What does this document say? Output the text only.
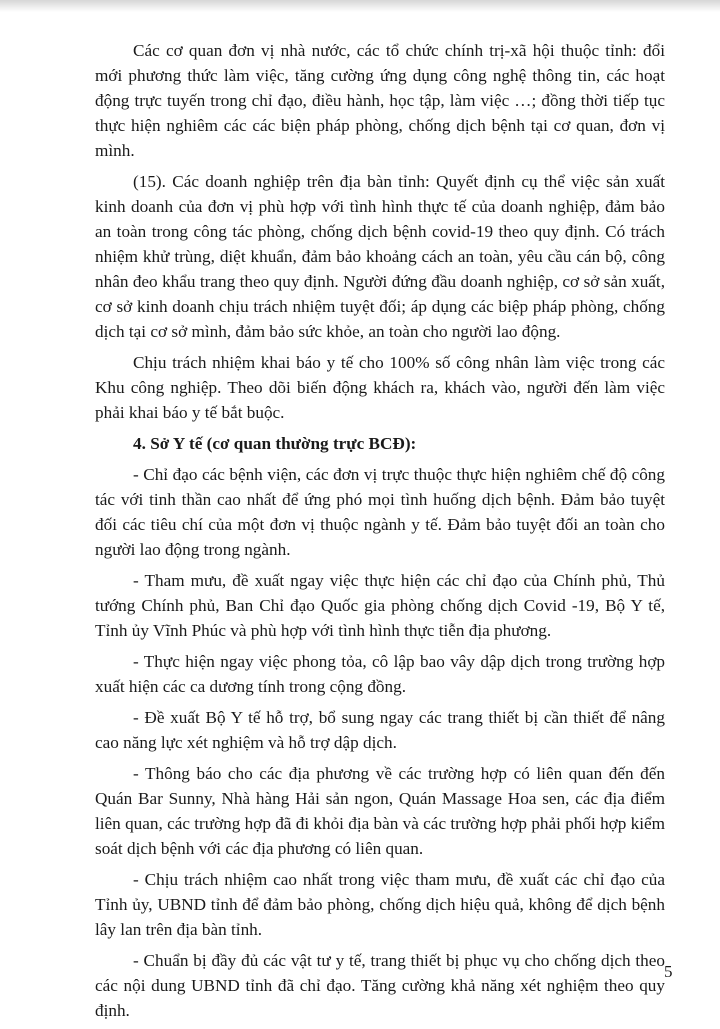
Các cơ quan đơn vị nhà nước, các tổ chức chính trị-xã hội thuộc tỉnh: đổi mới phương thức làm việc, tăng cường ứng dụng công nghệ thông tin, các hoạt động trực tuyến trong chỉ đạo, điều hành, học tập, làm việc …; đồng thời tiếp tục thực hiện nghiêm các các biện pháp phòng, chống dịch bệnh tại cơ quan, đơn vị mình.

(15). Các doanh nghiệp trên địa bàn tỉnh: Quyết định cụ thể việc sản xuất kinh doanh của đơn vị phù hợp với tình hình thực tế của doanh nghiệp, đảm bảo an toàn trong công tác phòng, chống dịch bệnh covid-19 theo quy định. Có trách nhiệm khử trùng, diệt khuẩn, đảm bảo khoảng cách an toàn, yêu cầu cán bộ, công nhân đeo khẩu trang theo quy định. Người đứng đầu doanh nghiệp, cơ sở sản xuất, cơ sở kinh doanh chịu trách nhiệm tuyệt đối; áp dụng các biệp pháp phòng, chống dịch tại cơ sở mình, đảm bảo sức khỏe, an toàn cho người lao động.

Chịu trách nhiệm khai báo y tế cho 100% số công nhân làm việc trong các Khu công nghiệp. Theo dõi biến động khách ra, khách vào, người đến làm việc phải khai báo y tế bắt buộc.

4. Sở Y tế (cơ quan thường trực BCĐ):

- Chỉ đạo các bệnh viện, các đơn vị trực thuộc thực hiện nghiêm chế độ công tác với tinh thần cao nhất để ứng phó mọi tình huống dịch bệnh. Đảm bảo tuyệt đối các tiêu chí của một đơn vị thuộc ngành y tế. Đảm bảo tuyệt đối an toàn cho người lao động trong ngành.

- Tham mưu, đề xuất ngay việc thực hiện các chỉ đạo của Chính phủ, Thủ tướng Chính phủ, Ban Chỉ đạo Quốc gia phòng chống dịch Covid -19, Bộ Y tế, Tỉnh ủy Vĩnh Phúc và phù hợp với tình hình thực tiễn địa phương.

- Thực hiện ngay việc phong tỏa, cô lập bao vây dập dịch trong trường hợp xuất hiện các ca dương tính trong cộng đồng.

- Đề xuất Bộ Y tế hỗ trợ, bổ sung ngay các trang thiết bị cần thiết để nâng cao năng lực xét nghiệm và hỗ trợ dập dịch.

- Thông báo cho các địa phương về các trường hợp có liên quan đến đến Quán Bar Sunny, Nhà hàng Hải sản ngon, Quán Massage Hoa sen, các địa điểm liên quan, các trường hợp đã đi khỏi địa bàn và các trường hợp phải phối hợp kiểm soát dịch bệnh với các địa phương có liên quan.

- Chịu trách nhiệm cao nhất trong việc tham mưu, đề xuất các chỉ đạo của Tỉnh ủy, UBND tỉnh để đảm bảo phòng, chống dịch hiệu quả, không để dịch bệnh lây lan trên địa bàn tỉnh.

- Chuẩn bị đầy đủ các vật tư y tế, trang thiết bị phục vụ cho chống dịch theo các nội dung UBND tỉnh đã chỉ đạo. Tăng cường khả năng xét nghiệm theo quy định.

5
